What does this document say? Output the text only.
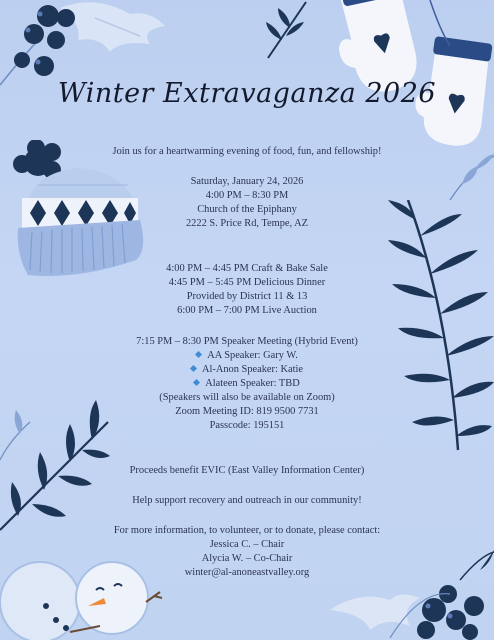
Winter Extravaganza 2026
Join us for a heartwarming evening of food, fun, and fellowship!
Saturday, January 24, 2026
4:00 PM – 8:30 PM
Church of the Epiphany
2222 S. Price Rd, Tempe, AZ
4:00 PM – 4:45 PM Craft & Bake Sale
4:45 PM – 5:45 PM Delicious Dinner
Provided by District 11 & 13
6:00 PM – 7:00 PM Live Auction
7:15 PM – 8:30 PM Speaker Meeting (Hybrid Event)
AA Speaker: Gary W.
Al-Anon Speaker: Katie
Alateen Speaker: TBD
(Speakers will also be available on Zoom)
Zoom Meeting ID: 819 9500 7731
Passcode: 195151
Proceeds benefit EVIC (East Valley Information Center)
Help support recovery and outreach in our community!
For more information, to volunteer, or to donate, please contact:
Jessica C. – Chair
Alycia W. – Co-Chair
winter@al-anoneastvalley.org
